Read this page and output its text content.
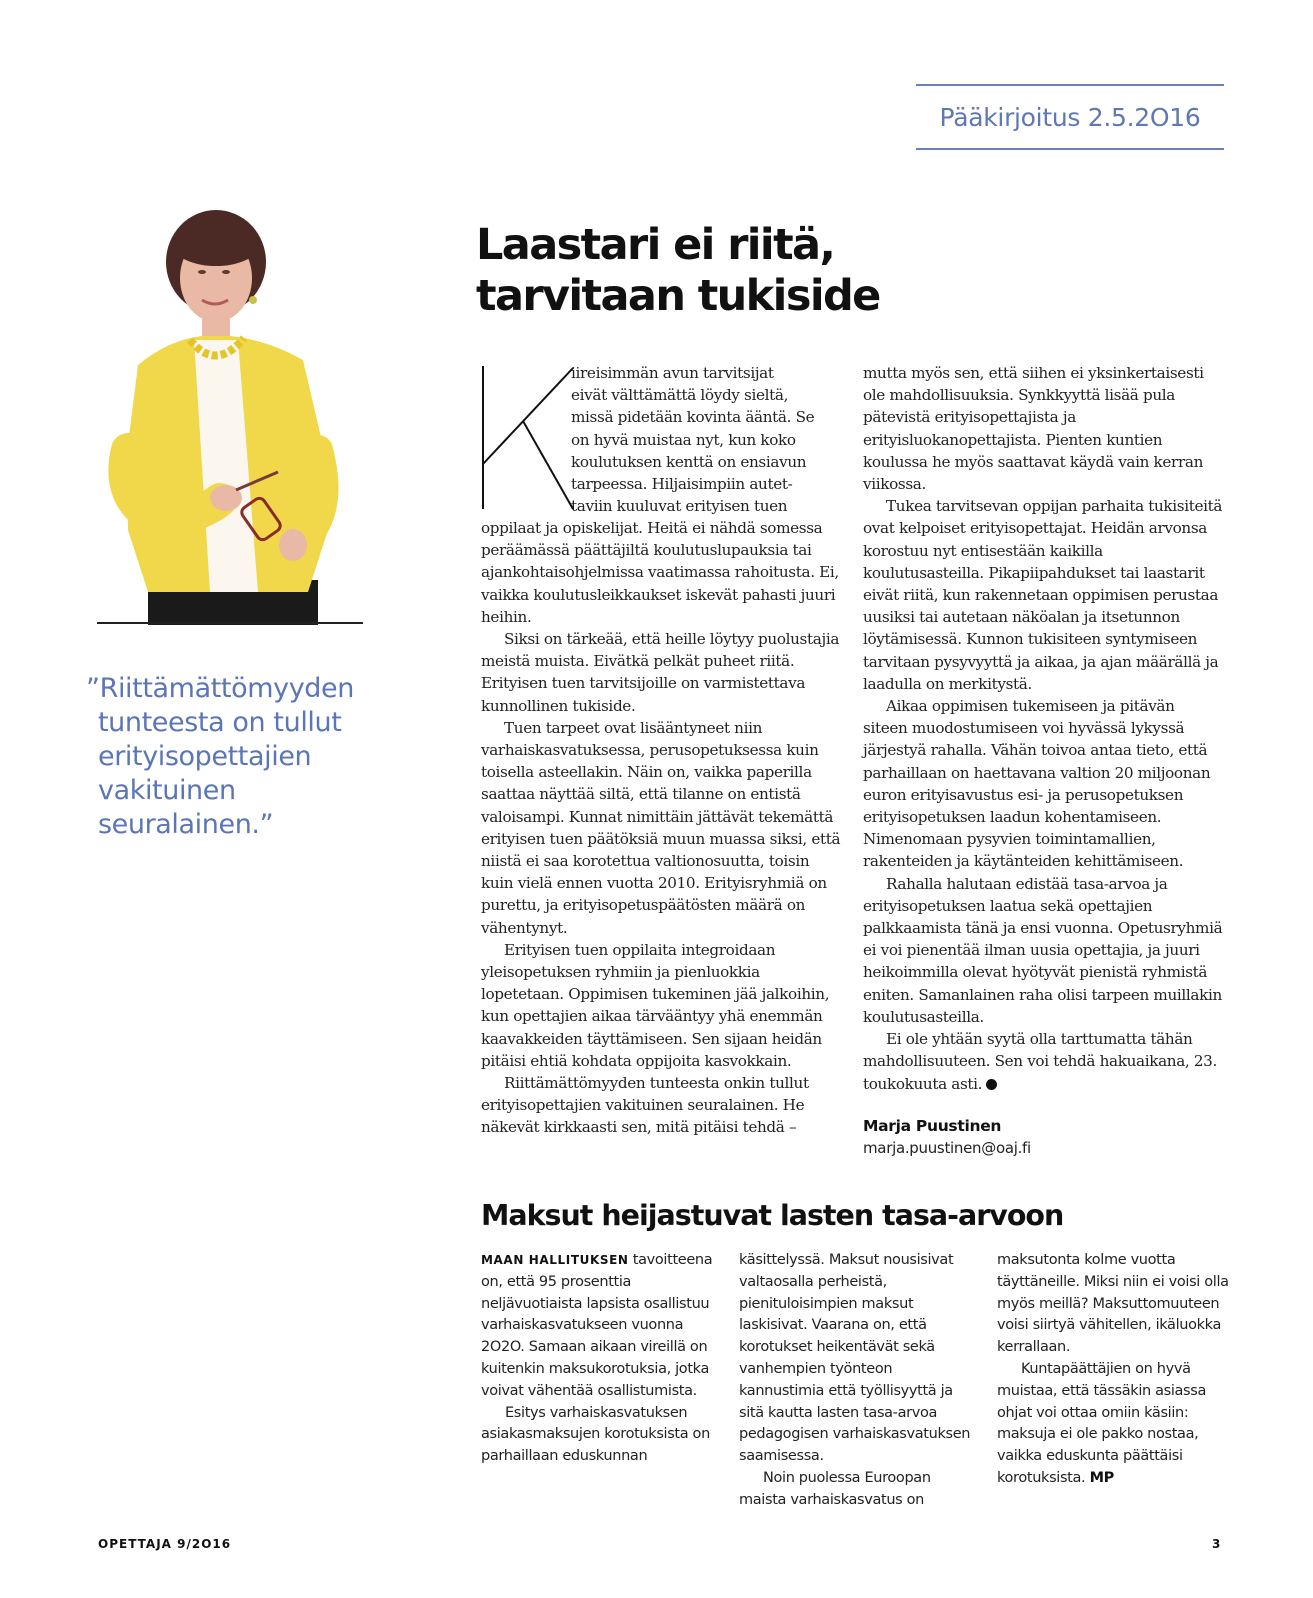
Pääkirjoitus 2.5.2O16
”Riittämättömyyden tunteesta on tullut erityisopettajien vakituinen seuralainen.”
Laastari ei riitä,
tarvitaan tukiside
iireisimmän avun tarvitsijat
eivät välttämättä löydy sieltä,
missä pidetään kovinta ääntä. Se
on hyvä muistaa nyt, kun koko
koulutuksen kenttä on ensiavun
tarpeessa. Hiljaisimpiin autet-
taviin kuuluvat erityisen tuen

oppilaat ja opiskelijat. Heitä ei nähdä somessa peräämässä päättäjiltä koulutuslupauksia tai ajankohtaisohjelmissa vaatimassa rahoitusta. Ei, vaikka koulutusleikkaukset iskevät pahasti juuri heihin.

Siksi on tärkeää, että heille löytyy puolustajia meistä muista. Eivätkä pelkät puheet riitä. Erityisen tuen tarvitsijoille on varmistettava kunnollinen tukiside.

Tuen tarpeet ovat lisääntyneet niin varhaiskasvatuksessa, perusopetuksessa kuin toisella asteellakin. Näin on, vaikka paperilla saattaa näyttää siltä, että tilanne on entistä valoisampi. Kunnat nimittäin jättävät tekemättä erityisen tuen päätöksiä muun muassa siksi, että niistä ei saa korotettua valtionosuutta, toisin kuin vielä ennen vuotta 2010. Erityisryhmiä on purettu, ja erityisopetuspäätösten määrä on vähentynyt.

Erityisen tuen oppilaita integroidaan yleisopetuksen ryhmiin ja pienluokkia lopetetaan. Oppimisen tukeminen jää jalkoihin, kun opettajien aikaa tärvääntyy yhä enemmän kaavakkeiden täyttämiseen. Sen sijaan heidän pitäisi ehtiä kohdata oppijoita kasvokkain.

Riittämättömyyden tunteesta onkin tullut erityisopettajien vakituinen seuralainen. He näkevät kirkkaasti sen, mitä pitäisi tehdä –

mutta myös sen, että siihen ei yksinkertaisesti ole mahdollisuuksia. Synkkyyttä lisää pula pätevistä erityisopettajista ja erityisluokanopettajista. Pienten kuntien koulussa he myös saattavat käydä vain kerran viikossa.

Tukea tarvitsevan oppijan parhaita tukisiteitä ovat kelpoiset erityisopettajat. Heidän arvonsa korostuu nyt entisestään kaikilla koulutusasteilla. Pikapiipahdukset tai laastarit eivät riitä, kun rakennetaan oppimisen perustaa uusiksi tai autetaan näköalan ja itsetunnon löytämisessä. Kunnon tukisiteen syntymiseen tarvitaan pysyvyyttä ja aikaa, ja ajan määrällä ja laadulla on merkitystä.

Aikaa oppimisen tukemiseen ja pitävän siteen muodostumiseen voi hyvässä lykyssä järjestyä rahalla. Vähän toivoa antaa tieto, että parhaillaan on haettavana valtion 20 miljoonan euron erityisavustus esi- ja perusopetuksen erityisopetuksen laadun kohentamiseen. Nimenomaan pysyvien toimintamallien, rakenteiden ja käytänteiden kehittämiseen.

Rahalla halutaan edistää tasa-arvoa ja erityisopetuksen laatua sekä opettajien palkkaamista tänä ja ensi vuonna. Opetusryhmiä ei voi pienentää ilman uusia opettajia, ja juuri heikoimmilla olevat hyötyvät pienistä ryhmistä eniten. Samanlainen raha olisi tarpeen muillakin koulutusasteilla.

Ei ole yhtään syytä olla tarttumatta tähän mahdollisuuteen. Sen voi tehdä hakuaikana, 23. toukokuuta asti.

Marja Puustinen
marja.puustinen@oaj.fi
Maksut heijastuvat lasten tasa-arvoon

MAAN HALLITUKSEN tavoitteena on, että 95 prosenttia neljävuotiaista lapsista osallistuu varhaiskasvatukseen vuonna 2O2O. Samaan aikaan vireillä on kuitenkin maksukorotuksia, jotka voivat vähentää osallistumista.

Esitys varhaiskasvatuksen asiakasmaksujen korotuksista on parhaillaan eduskunnan

käsittelyssä. Maksut nousisivat valtaosalla perheistä, pienituloisimpien maksut laskisivat. Vaarana on, että korotukset heikentävät sekä vanhempien työnteon kannustimia että työllisyyttä ja sitä kautta lasten tasa-arvoa pedagogisen varhaiskasvatuksen saamisessa.

Noin puolessa Euroopan maista varhaiskasvatus on

maksutonta kolme vuotta täyttäneille. Miksi niin ei voisi olla myös meillä? Maksuttomuuteen voisi siirtyä vähitellen, ikäluokka kerrallaan.

Kuntapäättäjien on hyvä muistaa, että tässäkin asiassa ohjat voi ottaa omiin käsiin: maksuja ei ole pakko nostaa, vaikka eduskunta päättäisi korotuksista. MP

OPETTAJA 9/2O16	3
